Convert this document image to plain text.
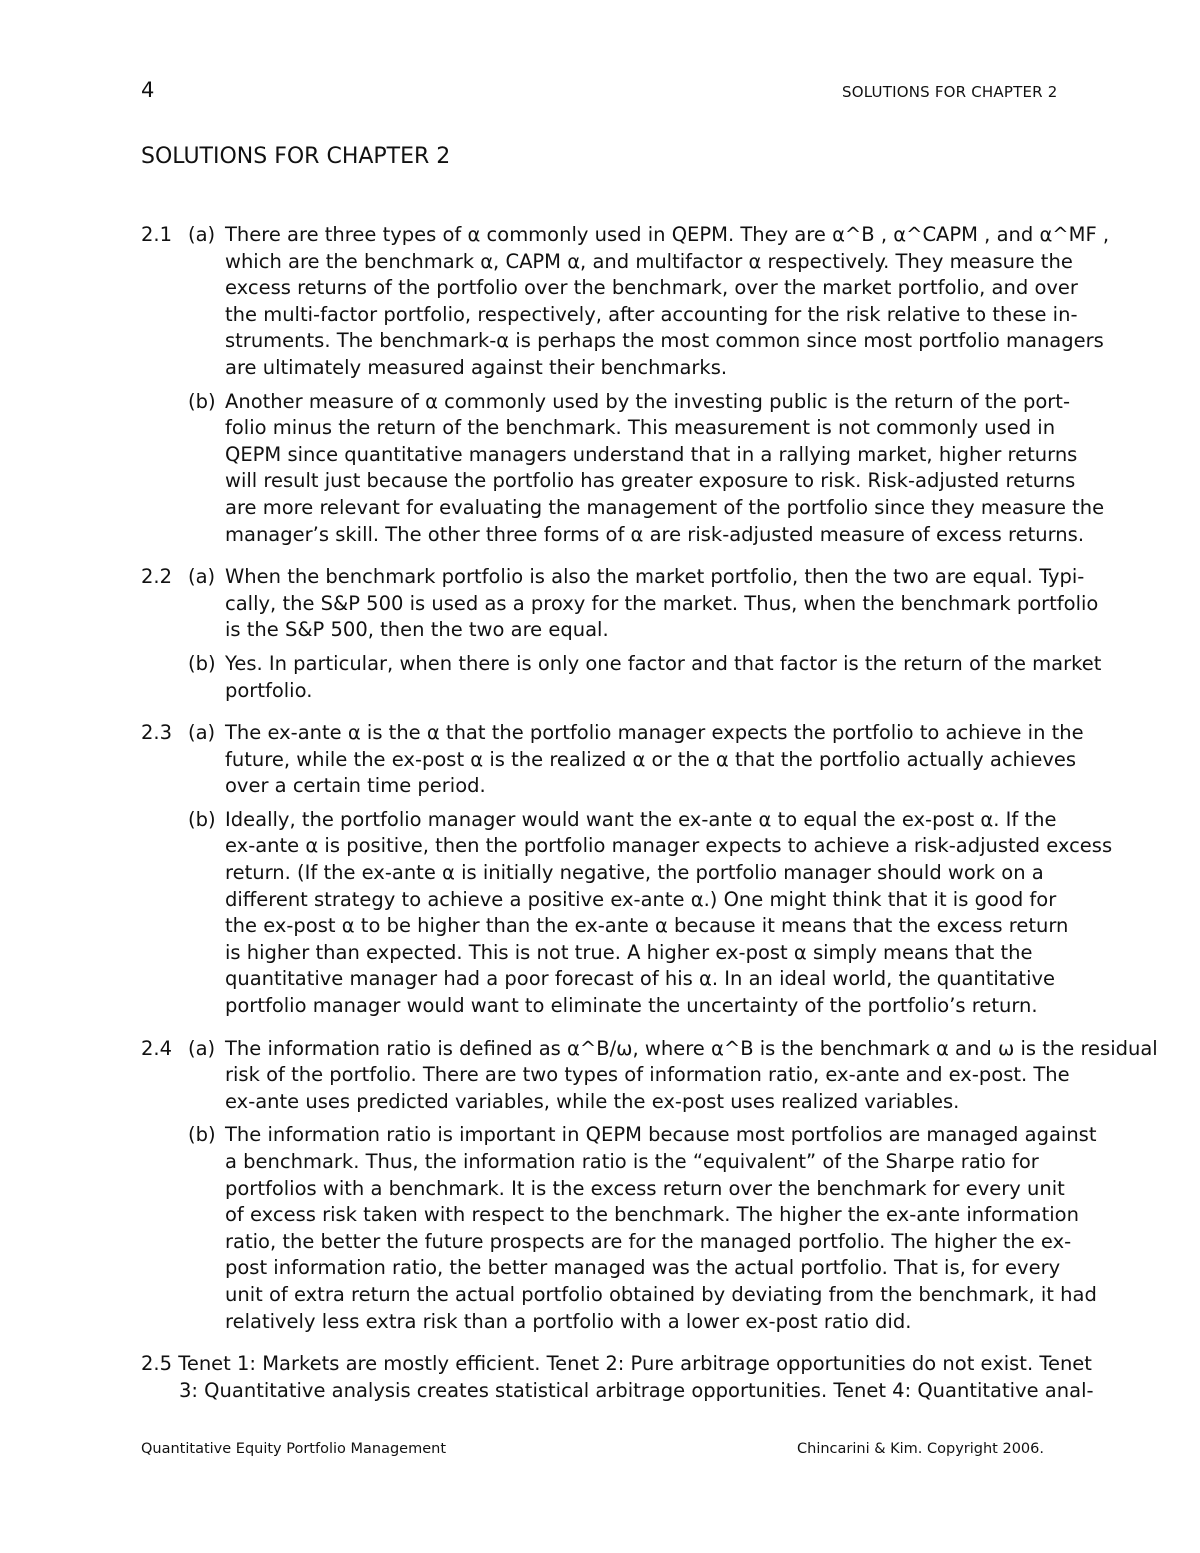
4	SOLUTIONS FOR CHAPTER 2
SOLUTIONS FOR CHAPTER 2
2.1 (a) There are three types of α commonly used in QEPM. They are α^B , α^CAPM , and α^MF ,
which are the benchmark α, CAPM α, and multifactor α respectively. They measure the
excess returns of the portfolio over the benchmark, over the market portfolio, and over
the multi-factor portfolio, respectively, after accounting for the risk relative to these in-
struments. The benchmark-α is perhaps the most common since most portfolio managers
are ultimately measured against their benchmarks.
(b) Another measure of α commonly used by the investing public is the return of the port-
folio minus the return of the benchmark. This measurement is not commonly used in
QEPM since quantitative managers understand that in a rallying market, higher returns
will result just because the portfolio has greater exposure to risk. Risk-adjusted returns
are more relevant for evaluating the management of the portfolio since they measure the
manager’s skill. The other three forms of α are risk-adjusted measure of excess returns.
2.2 (a) When the benchmark portfolio is also the market portfolio, then the two are equal. Typi-
cally, the S&P 500 is used as a proxy for the market. Thus, when the benchmark portfolio
is the S&P 500, then the two are equal.
(b) Yes. In particular, when there is only one factor and that factor is the return of the market
portfolio.
2.3 (a) The ex-ante α is the α that the portfolio manager expects the portfolio to achieve in the
future, while the ex-post α is the realized α or the α that the portfolio actually achieves
over a certain time period.
(b) Ideally, the portfolio manager would want the ex-ante α to equal the ex-post α. If the
ex-ante α is positive, then the portfolio manager expects to achieve a risk-adjusted excess
return. (If the ex-ante α is initially negative, the portfolio manager should work on a
different strategy to achieve a positive ex-ante α.) One might think that it is good for
the ex-post α to be higher than the ex-ante α because it means that the excess return
is higher than expected. This is not true. A higher ex-post α simply means that the
quantitative manager had a poor forecast of his α. In an ideal world, the quantitative
portfolio manager would want to eliminate the uncertainty of the portfolio’s return.
2.4 (a) The information ratio is defined as α^B/ω, where α^B is the benchmark α and ω is the residual
risk of the portfolio. There are two types of information ratio, ex-ante and ex-post. The
ex-ante uses predicted variables, while the ex-post uses realized variables.
(b) The information ratio is important in QEPM because most portfolios are managed against
a benchmark. Thus, the information ratio is the “equivalent” of the Sharpe ratio for
portfolios with a benchmark. It is the excess return over the benchmark for every unit
of excess risk taken with respect to the benchmark. The higher the ex-ante information
ratio, the better the future prospects are for the managed portfolio. The higher the ex-
post information ratio, the better managed was the actual portfolio. That is, for every
unit of extra return the actual portfolio obtained by deviating from the benchmark, it had
relatively less extra risk than a portfolio with a lower ex-post ratio did.
2.5 Tenet 1: Markets are mostly efficient. Tenet 2: Pure arbitrage opportunities do not exist. Tenet
3: Quantitative analysis creates statistical arbitrage opportunities. Tenet 4: Quantitative anal-
Quantitative Equity Portfolio Management	Chincarini & Kim. Copyright 2006.
